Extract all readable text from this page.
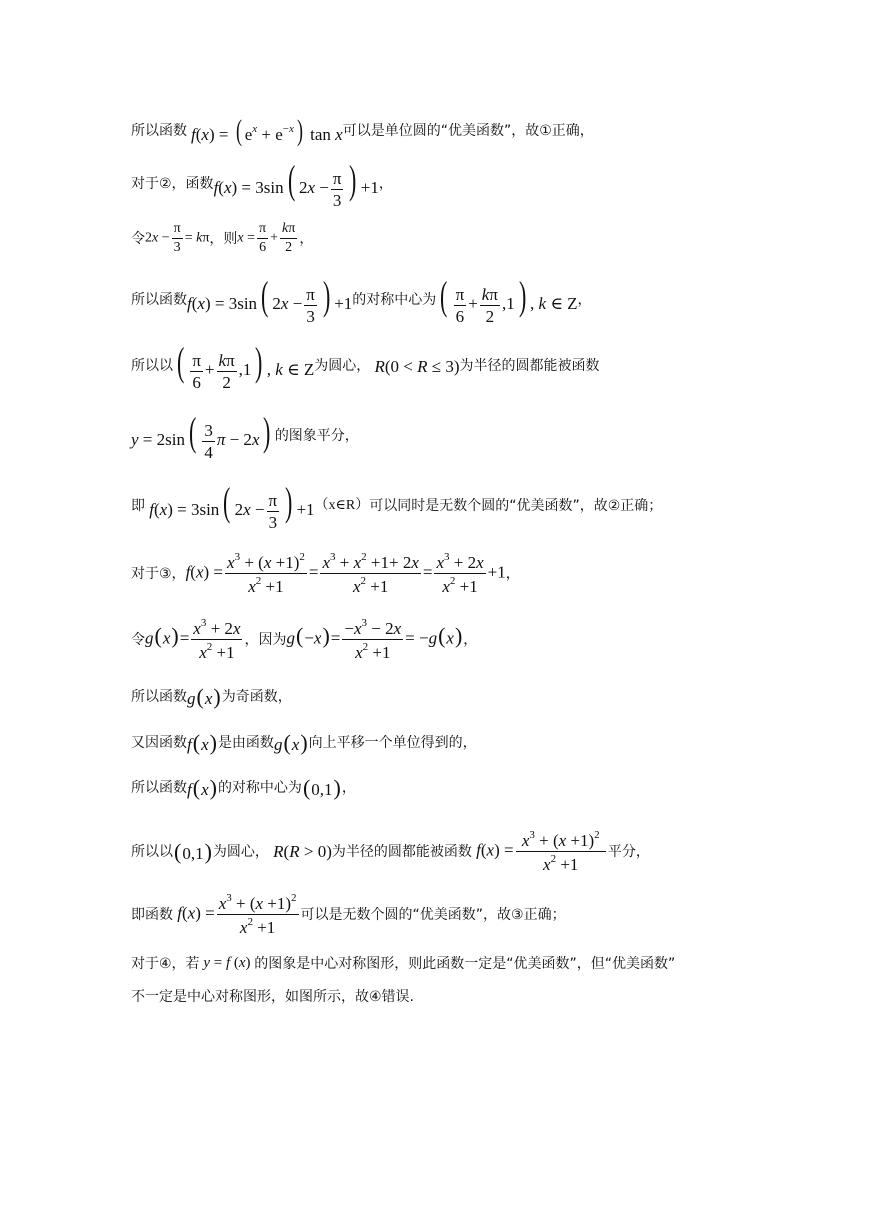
所以函数 f(x) = ( $e^x + e^{-x}$ ) tan x 可以是单位圆的“优美函数”，故①正确，
对于②，函数 f(x) = 3sin( $2x - \frac{\pi}{3}$ ) +1 ，
令 $2x - \frac{\pi}{3} = k\pi$ ，则 $x = \frac{\pi}{6} + \frac{k\pi}{2}$ ，
所以函数 f(x) = 3sin( $2x - \frac{\pi}{3}$ ) +1 的对称中心为 ( $\frac{\pi}{6} + \frac{k\pi}{2} ,1$) , k ∈ Z ，
所以以 ( $\frac{\pi}{6} + \frac{k\pi}{2} ,1$) , k ∈ Z 为圆心， R(0 < R ≤ 3) 为半径的圆都能被函数
$y = 2\sin( \frac{3}{4}$ π − 2x) 的图象平分，
即 f(x) = 3sin( $2x - \frac{\pi}{3}$ ) +1 （x∈R） 可以同时是无数个圆的“优美函数”，故②正确；
对于③， $f(x) = \frac{x^3 + (x +1)^2}{x^2 +1} = \frac{x^3 + x^2 +1+ 2x}{x^2 +1} = \frac{x^3 + 2x}{x^2 +1} +1$ ，
令 $g(x)= \frac{x^3 + 2x}{x^2 +1}$ ，因为 $g(-x)= \frac{-x^3 - 2x}{x^2 +1} = -g(x)$ ，
所以函数 g(x) 为奇函数，
又因函数 f(x) 是由函数 g(x) 向上平移一个单位得到的，
所以函数 f(x) 的对称中心为 (0,1) ，
所以以 (0,1) 为圆心， R(R > 0) 为半径的圆都能被函数 $f(x) = \frac{x^3 + (x +1)^2}{x^2 +1}$ 平分，
即函数 $f(x) = \frac{x^3 + (x +1)^2}{x^2 +1}$ 可以是无数个圆的“优美函数”，故③正确；
对于④，若 y = f (x) 的图象是中心对称图形，则此函数一定是“优美函数”，但“优美函数”
不一定是中心对称图形，如图所示，故④错误.
